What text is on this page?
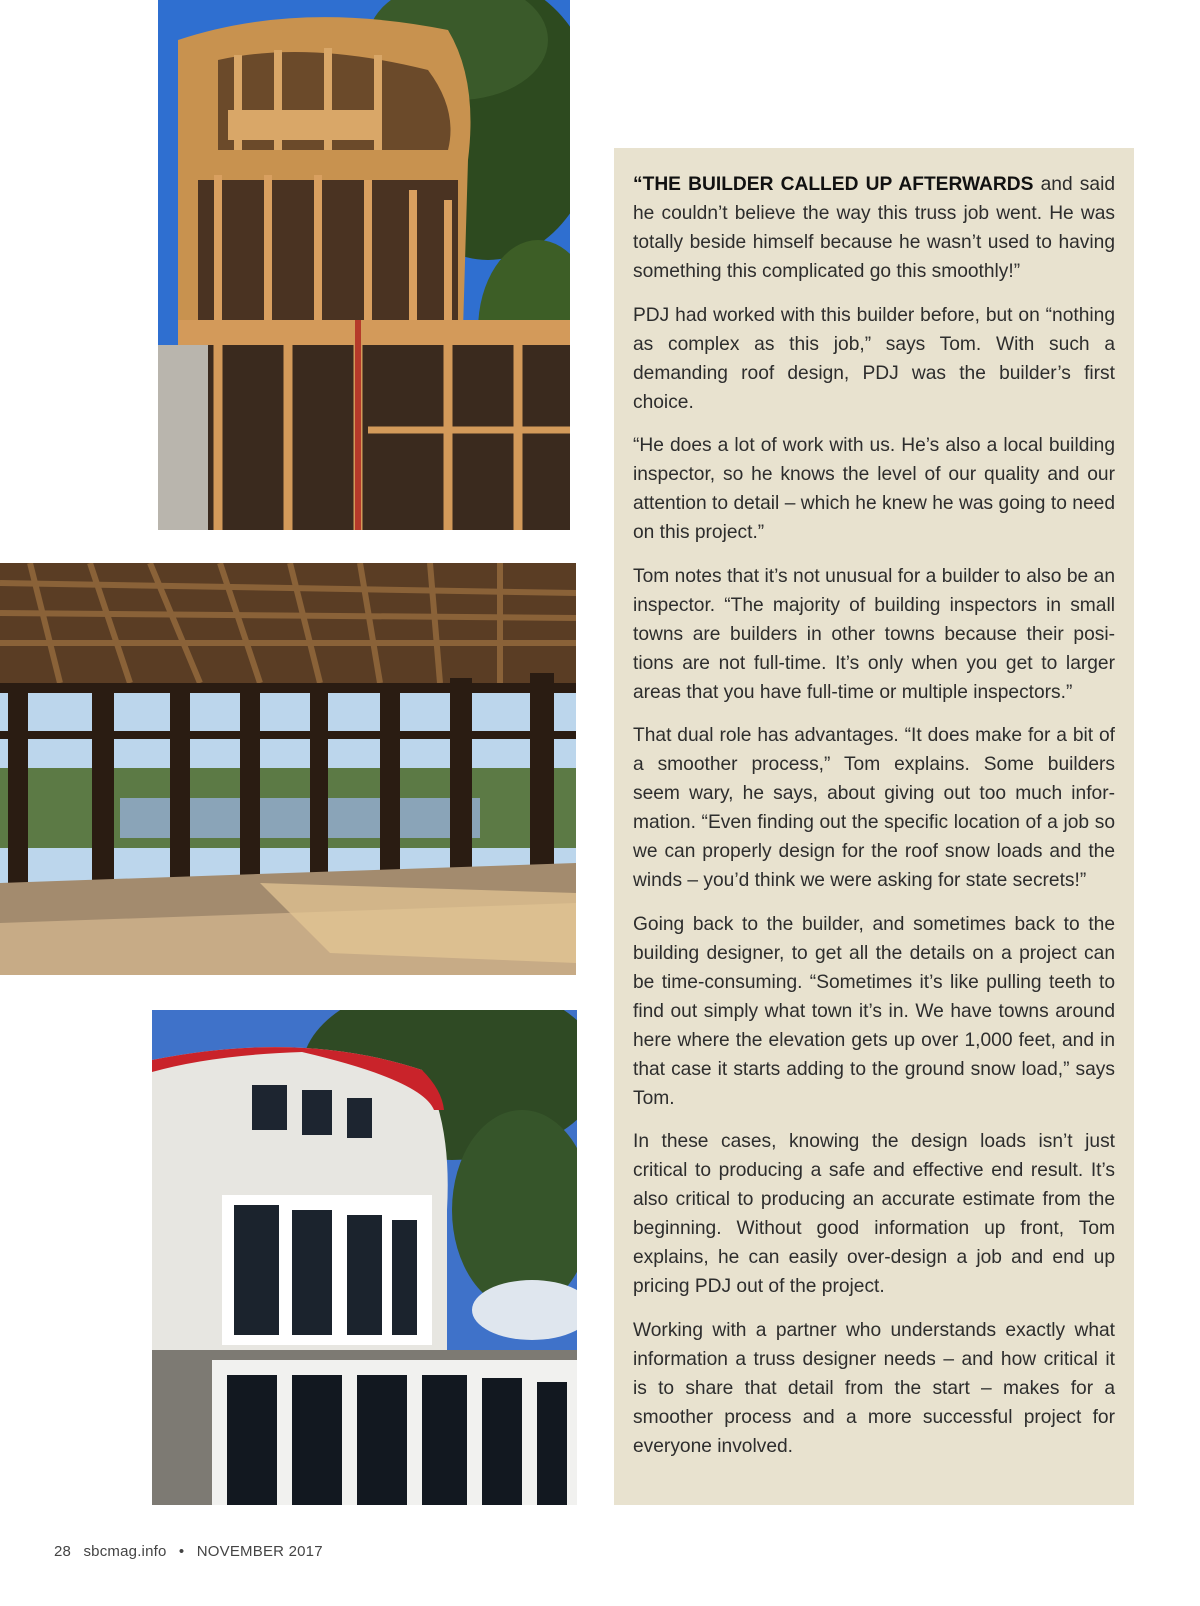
“THE BUILDER CALLED UP AFTERWARDS and said he couldn’t believe the way this truss job went. He was totally beside himself because he wasn’t used to having something this complicated go this smoothly!”

PDJ had worked with this builder before, but on “nothing as complex as this job,” says Tom. With such a demanding roof design, PDJ was the builder’s first choice.

“He does a lot of work with us. He’s also a local building inspector, so he knows the level of our quality and our attention to detail – which he knew he was going to need on this project.”

Tom notes that it’s not unusual for a builder to also be an inspector. “The majority of building inspectors in small towns are builders in other towns because their positions are not full-time. It’s only when you get to larger areas that you have full-time or multiple inspectors.”

That dual role has advantages. “It does make for a bit of a smoother process,” Tom explains. Some builders seem wary, he says, about giving out too much information. “Even finding out the specific location of a job so we can properly design for the roof snow loads and the winds – you’d think we were asking for state secrets!”

Going back to the builder, and sometimes back to the building designer, to get all the details on a project can be time-consuming. “Sometimes it’s like pulling teeth to find out simply what town it’s in. We have towns around here where the elevation gets up over 1,000 feet, and in that case it starts adding to the ground snow load,” says Tom.

In these cases, knowing the design loads isn’t just critical to producing a safe and effective end result. It’s also critical to producing an accurate estimate from the beginning. Without good information up front, Tom explains, he can easily over-design a job and end up pricing PDJ out of the project.

Working with a partner who understands exactly what information a truss designer needs – and how critical it is to share that detail from the start – makes for a smoother process and a more successful project for everyone involved.

28 sbcmag.info • NOVEMBER 2017
